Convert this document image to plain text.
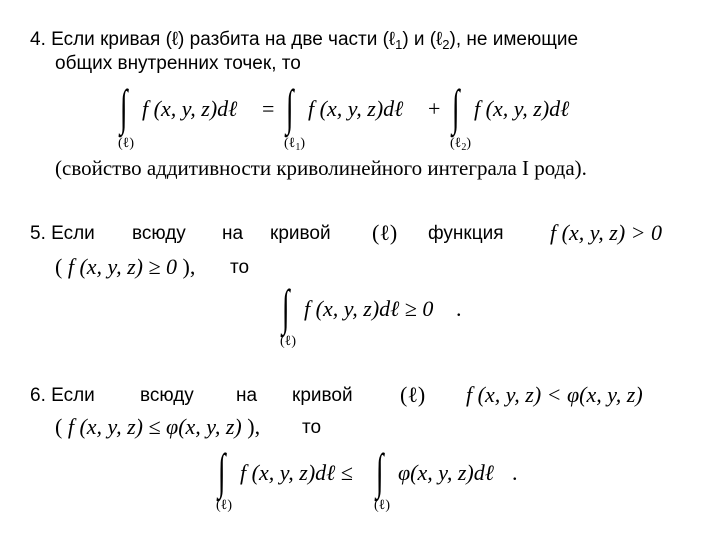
4. Если кривая (ℓ) разбита на две части (ℓ$_1$) и (ℓ$_2$), не имеющие
общих внутренних точек, то
∫ f (x, y, z)dℓ = ∫ f (x, y, z)dℓ + ∫ f (x, y, z)dℓ
(ℓ)	(ℓ$_1$)	(ℓ$_2$)
(свойство аддитивности криволинейного интеграла I рода).
5. Если всюду на кривой (ℓ) функция f (x, y, z) > 0
( f (x, y, z) ≥ 0 ), то
∫ f (x, y, z)dℓ ≥ 0 .
(ℓ)
6. Если всюду на кривой (ℓ) f (x, y, z) < φ(x, y, z)
( f (x, y, z) ≤ φ(x, y, z) ), то
∫ f (x, y, z)dℓ ≤ ∫ φ(x, y, z)dℓ .
(ℓ)	(ℓ)
